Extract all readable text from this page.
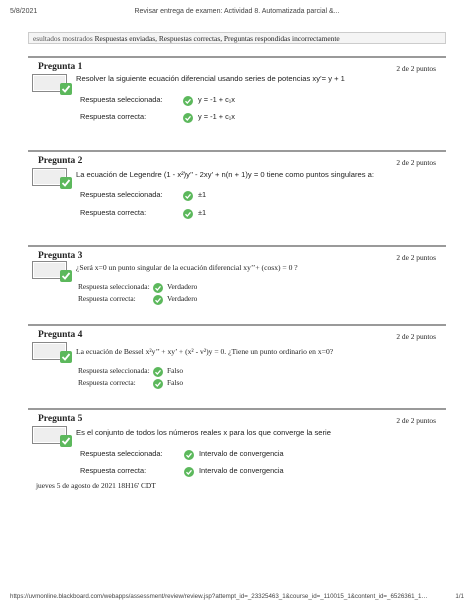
5/8/2021	Revisar entrega de examen: Actividad 8. Automatizada parcial &...
esultados mostrados Respuestas enviadas, Respuestas correctas, Preguntas respondidas incorrectamente
Pregunta 1	2 de 2 puntos
Resolver la siguiente ecuación diferencial usando series de potencias xy’= y + 1
Respuesta seleccionada:	y = -1 + c₁x
Respuesta correcta:	y = -1 + c₁x
Pregunta 2	2 de 2 puntos
La ecuación de Legendre (1 - x²)y’’ - 2xy’ + n(n + 1)y = 0 tiene como puntos singulares a:
Respuesta seleccionada:	±1
Respuesta correcta:	±1
Pregunta 3	2 de 2 puntos
¿Será x=0 un punto singular de la ecuación diferencial xy’’+ (cosx) = 0 ?
Respuesta seleccionada: Verdadero
Respuesta correcta:	Verdadero
Pregunta 4	2 de 2 puntos
La ecuación de Bessel x²y’’ + xy’ + (x² - v²)y = 0. ¿Tiene un punto ordinario en x=0?
Respuesta seleccionada: Falso
Respuesta correcta:	Falso
Pregunta 5	2 de 2 puntos
Es el conjunto de todos los números reales x para los que converge la serie
Respuesta seleccionada:	Intervalo de convergencia
Respuesta correcta:	Intervalo de convergencia
jueves 5 de agosto de 2021 18H16' CDT
https://uvmonline.blackboard.com/webapps/assessment/review/review.jsp?attempt_id=_23325463_1&course_id=_110015_1&content_id=_6526361_1…	1/1
